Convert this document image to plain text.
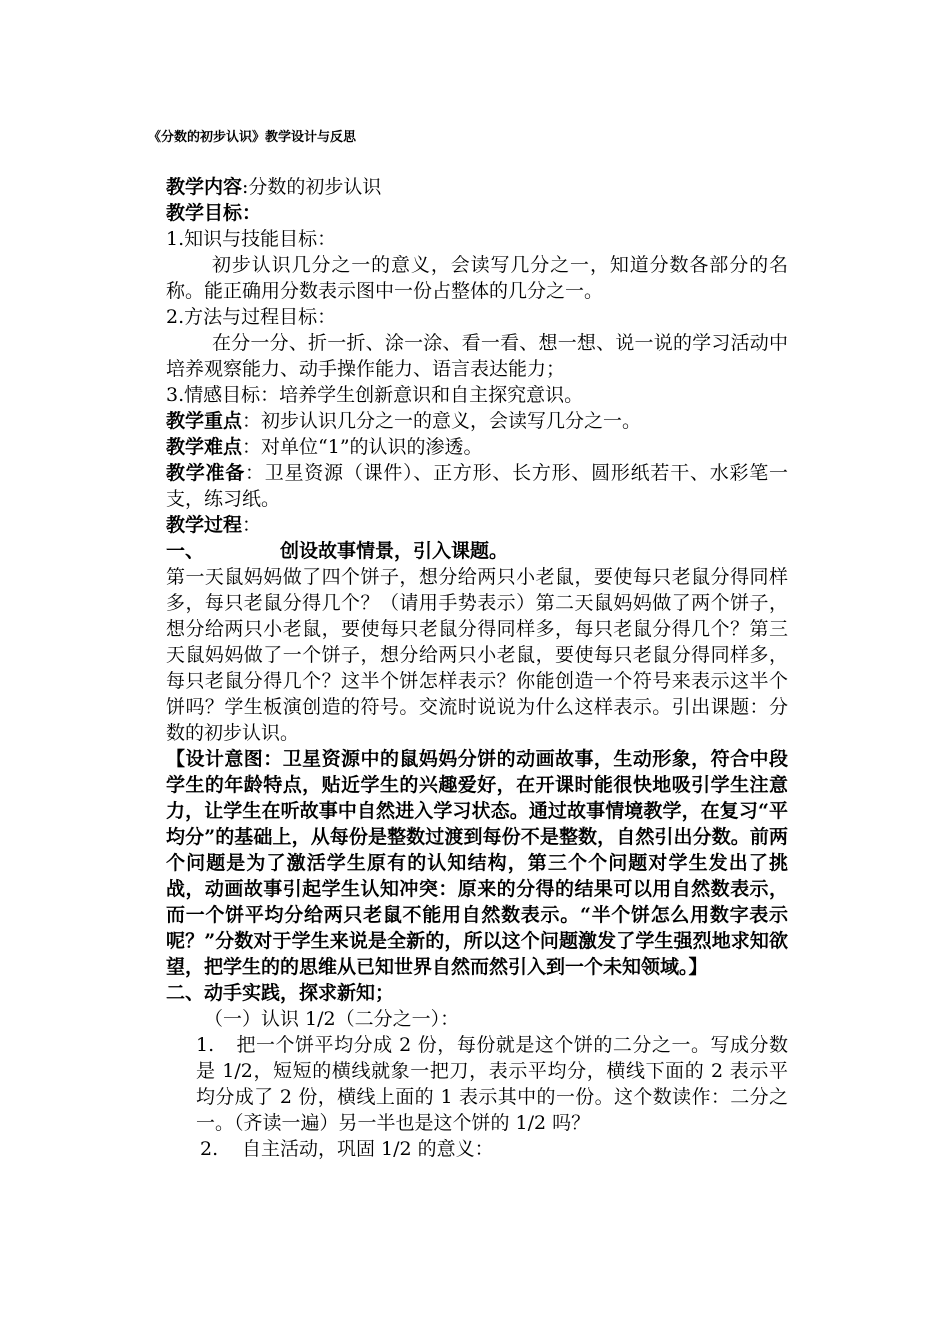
《分数的初步认识》教学设计与反思

教学内容:分数的初步认识

教学目标：

1.知识与技能目标：

初步认识几分之一的意义，会读写几分之一，知道分数各部分的名称。能正确用分数表示图中一份占整体的几分之一。

2.方法与过程目标：

在分一分、折一折、涂一涂、看一看、想一想、说一说的学习活动中培养观察能力、动手操作能力、语言表达能力；

3.情感目标：培养学生创新意识和自主探究意识。

教学重点：初步认识几分之一的意义，会读写几分之一。

教学难点：对单位“1”的认识的渗透。

教学准备：卫星资源（课件）、正方形、长方形、圆形纸若干、水彩笔一支，练习纸。

教学过程：

一、	创设故事情景，引入课题。

第一天鼠妈妈做了四个饼子，想分给两只小老鼠，要使每只老鼠分得同样多，每只老鼠分得几个？（请用手势表示）第二天鼠妈妈做了两个饼子，想分给两只小老鼠，要使每只老鼠分得同样多，每只老鼠分得几个？第三天鼠妈妈做了一个饼子，想分给两只小老鼠，要使每只老鼠分得同样多，每只老鼠分得几个？这半个饼怎样表示？你能创造一个符号来表示这半个饼吗？学生板演创造的符号。交流时说说为什么这样表示。引出课题：分数的初步认识。

【设计意图：卫星资源中的鼠妈妈分饼的动画故事，生动形象，符合中段学生的年龄特点，贴近学生的兴趣爱好，在开课时能很快地吸引学生注意力，让学生在听故事中自然进入学习状态。通过故事情境教学，在复习“平均分”的基础上，从每份是整数过渡到每份不是整数，自然引出分数。前两个问题是为了激活学生原有的认知结构，第三个个问题对学生发出了挑战，动画故事引起学生认知冲突：原来的分得的结果可以用自然数表示，而一个饼平均分给两只老鼠不能用自然数表示。“半个饼怎么用数字表示呢？”分数对于学生来说是全新的，所以这个问题激发了学生强烈地求知欲望，把学生的的思维从已知世界自然而然引入到一个未知领域。】

二、动手实践，探求新知；

（一）认识 1/2（二分之一）：

1. 把一个饼平均分成 2 份，每份就是这个饼的二分之一。写成分数是 1/2，短短的横线就象一把刀，表示平均分，横线下面的 2 表示平均分成了 2 份，横线上面的 1 表示其中的一份。这个数读作：二分之一。（齐读一遍）另一半也是这个饼的 1/2 吗？

2. 自主活动，巩固 1/2 的意义：
